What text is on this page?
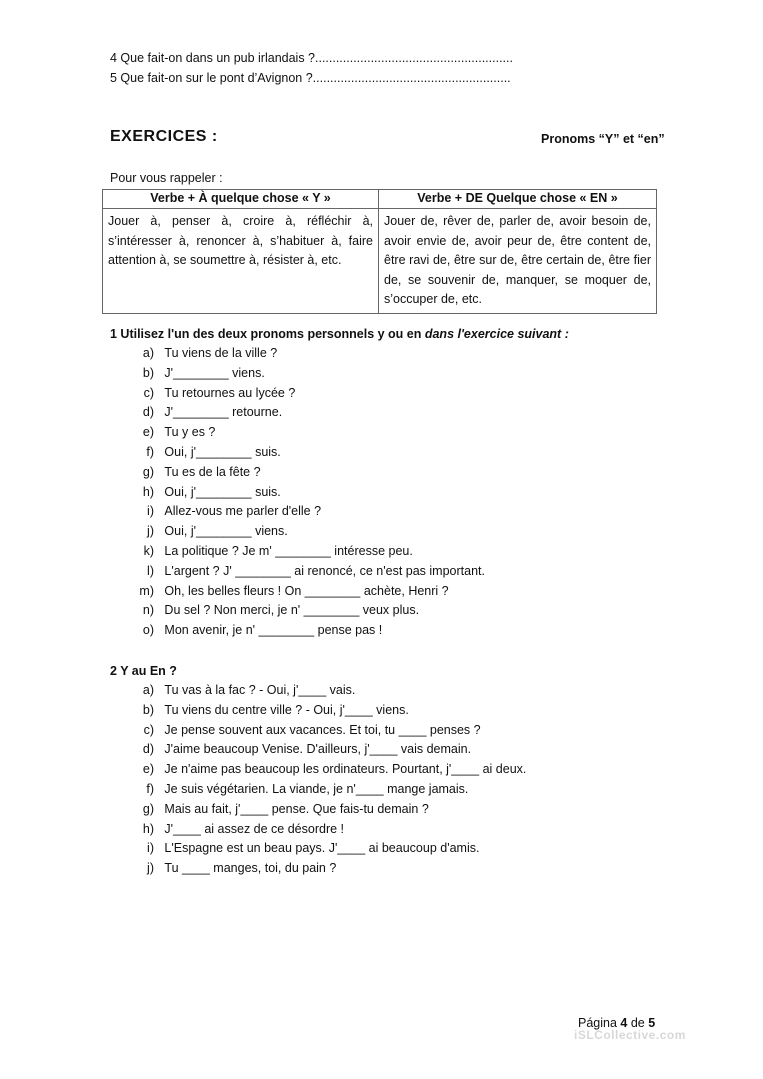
4 Que fait-on dans un pub irlandais ?.........................................................
5 Que fait-on sur le pont d’Avignon ?.........................................................
EXERCICES :	Pronoms “Y” et “en”
Pour vous rappeler :
Verbe + À quelque chose « Y »	Verbe + DE Quelque chose « EN »
Jouer à, penser à, croire à, réfléchir à, s’intéresser à, renoncer à, s’habituer à, faire attention à, se soumettre à, résister à, etc.	Jouer de, rêver de, parler de, avoir besoin de, avoir envie de, avoir peur de, être content de, être ravi de, être sur de, être certain de, être fier de, se souvenir de, manquer, se moquer de, s’occuper de, etc.
1 Utilisez l'un des deux pronoms personnels y ou en dans l'exercice suivant :
a) Tu viens de la ville ?
b) J'________ viens.
c) Tu retournes au lycée ?
d) J'________ retourne.
e) Tu y es ?
f) Oui, j'________ suis.
g) Tu es de la fête ?
h) Oui, j'________ suis.
i) Allez-vous me parler d'elle ?
j) Oui, j'________ viens.
k) La politique ? Je m' ________ intéresse peu.
l) L'argent ? J' ________ ai renoncé, ce n'est pas important.
m) Oh, les belles fleurs ! On ________ achète, Henri ?
n) Du sel ? Non merci, je n' ________ veux plus.
o) Mon avenir, je n' ________ pense pas !
2 Y au En ?
a) Tu vas à la fac ? - Oui, j'____ vais.
b) Tu viens du centre ville ? - Oui, j'____ viens.
c) Je pense souvent aux vacances. Et toi, tu ____ penses ?
d) J'aime beaucoup Venise. D'ailleurs, j'____ vais demain.
e) Je n'aime pas beaucoup les ordinateurs. Pourtant, j'____ ai deux.
f) Je suis végétarien. La viande, je n'____ mange jamais.
g) Mais au fait, j'____ pense. Que fais-tu demain ?
h) J'____ ai assez de ce désordre !
i) L'Espagne est un beau pays. J'____ ai beaucoup d'amis.
j) Tu ____ manges, toi, du pain ?
Página 4 de 5
iSLCollective.com
